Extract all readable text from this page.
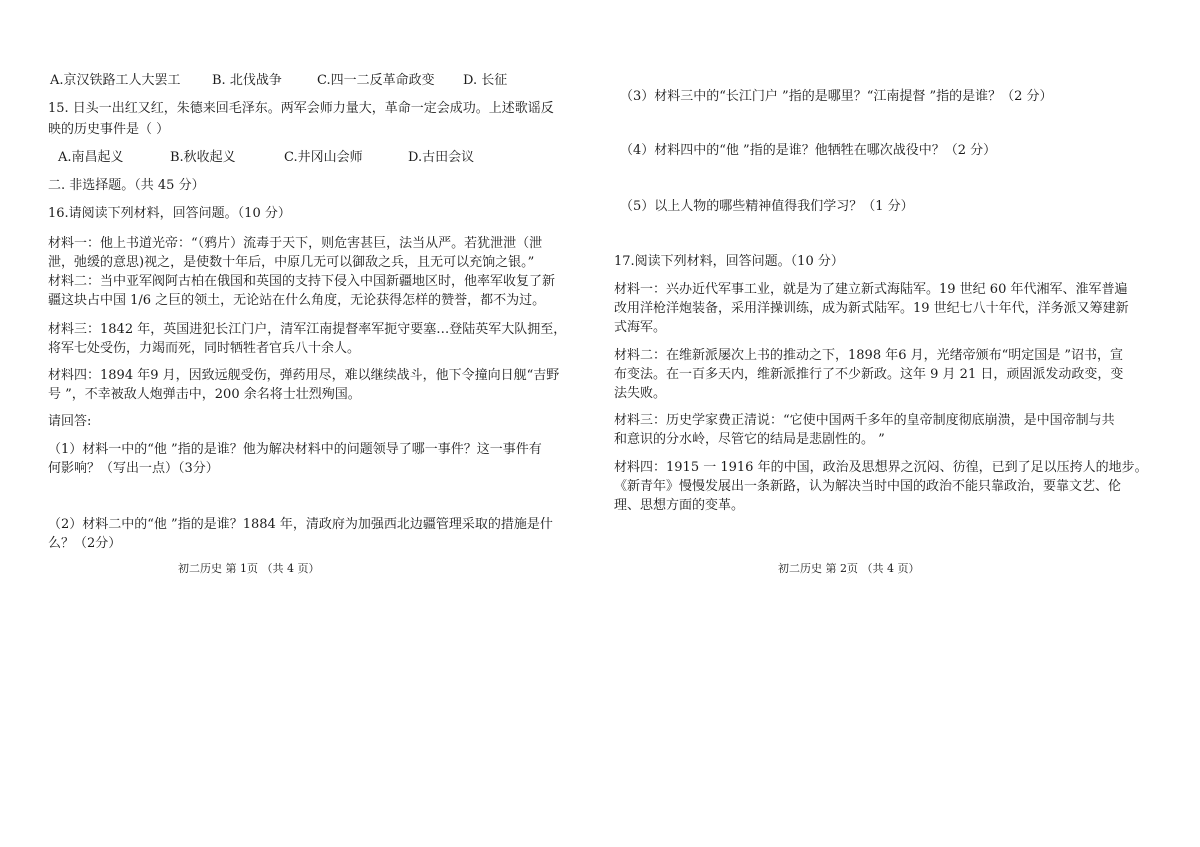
A.京汉铁路工人大罢工 B. 北伐战争	C.四一二反革命政变 D. 长征
15. 日头一出红又红，朱德来回毛泽东。两军会师力量大，革命一定会成功。上述歌谣反
映的历史事件是（ ）
A.南昌起义	B.秋收起义	C.井冈山会师	D.古田会议
二. 非选择题。（共 45 分）
16.请阅读下列材料，回答问题。（10 分）
材料一：他上书道光帝：“（鸦片）流毒于天下，则危害甚巨，法当从严。若犹泄泄（泄
泄，弛缓的意思)视之，是使数十年后，中原几无可以御敌之兵，且无可以充饷之银。”
材料二：当中亚军阀阿古柏在俄国和英国的支持下侵入中国新疆地区时，他率军收复了新
疆这块占中国 1/6 之巨的领土，无论站在什么角度，无论获得怎样的赞誉，都不为过。
材料三：1842 年，英国进犯长江门户，清军江南提督率军扼守要塞…登陆英军大队拥至，
将军七处受伤，力竭而死，同时牺牲者官兵八十余人。
材料四：1894 年9 月，因致远舰受伤，弹药用尽，难以继续战斗，他下令撞向日舰“吉野
号 ”，不幸被敌人炮弹击中，200 余名将士壮烈殉国。
请回答:
（1）材料一中的“他 ”指的是谁？他为解决材料中的问题领导了哪一事件？这一事件有
何影响？（写出一点）（3分）
（2）材料二中的“他 ”指的是谁？1884 年，清政府为加强西北边疆管理采取的措施是什
么？（2分）
初二历史 第 1页 （共 4 页）
（3）材料三中的“长江门户 ”指的是哪里？“江南提督 ”指的是谁？（2 分）
（4）材料四中的“他 ”指的是谁？他牺牲在哪次战役中？（2 分）
（5）以上人物的哪些精神值得我们学习？（1 分）
17.阅读下列材料，回答问题。（10 分）
材料一：兴办近代军事工业，就是为了建立新式海陆军。19 世纪 60 年代湘军、淮军普遍
改用洋枪洋炮装备，采用洋操训练，成为新式陆军。19 世纪七八十年代，洋务派又筹建新
式海军。
材料二：在维新派屡次上书的推动之下，1898 年6 月，光绪帝颁布“明定国是 ”诏书，宣
布变法。在一百多天内，维新派推行了不少新政。这年 9 月 21 日，顽固派发动政变，变
法失败。
材料三：历史学家费正清说：“它使中国两千多年的皇帝制度彻底崩溃，是中国帝制与共
和意识的分水岭，尽管它的结局是悲剧性的。 ”
材料四：1915 一 1916 年的中国，政治及思想界之沉闷、彷徨，已到了足以压挎人的地步。
《新青年》慢慢发展出一条新路，认为解决当时中国的政治不能只靠政治，要靠文艺、伦
理、思想方面的变革。
初二历史 第 2页 （共 4 页）
